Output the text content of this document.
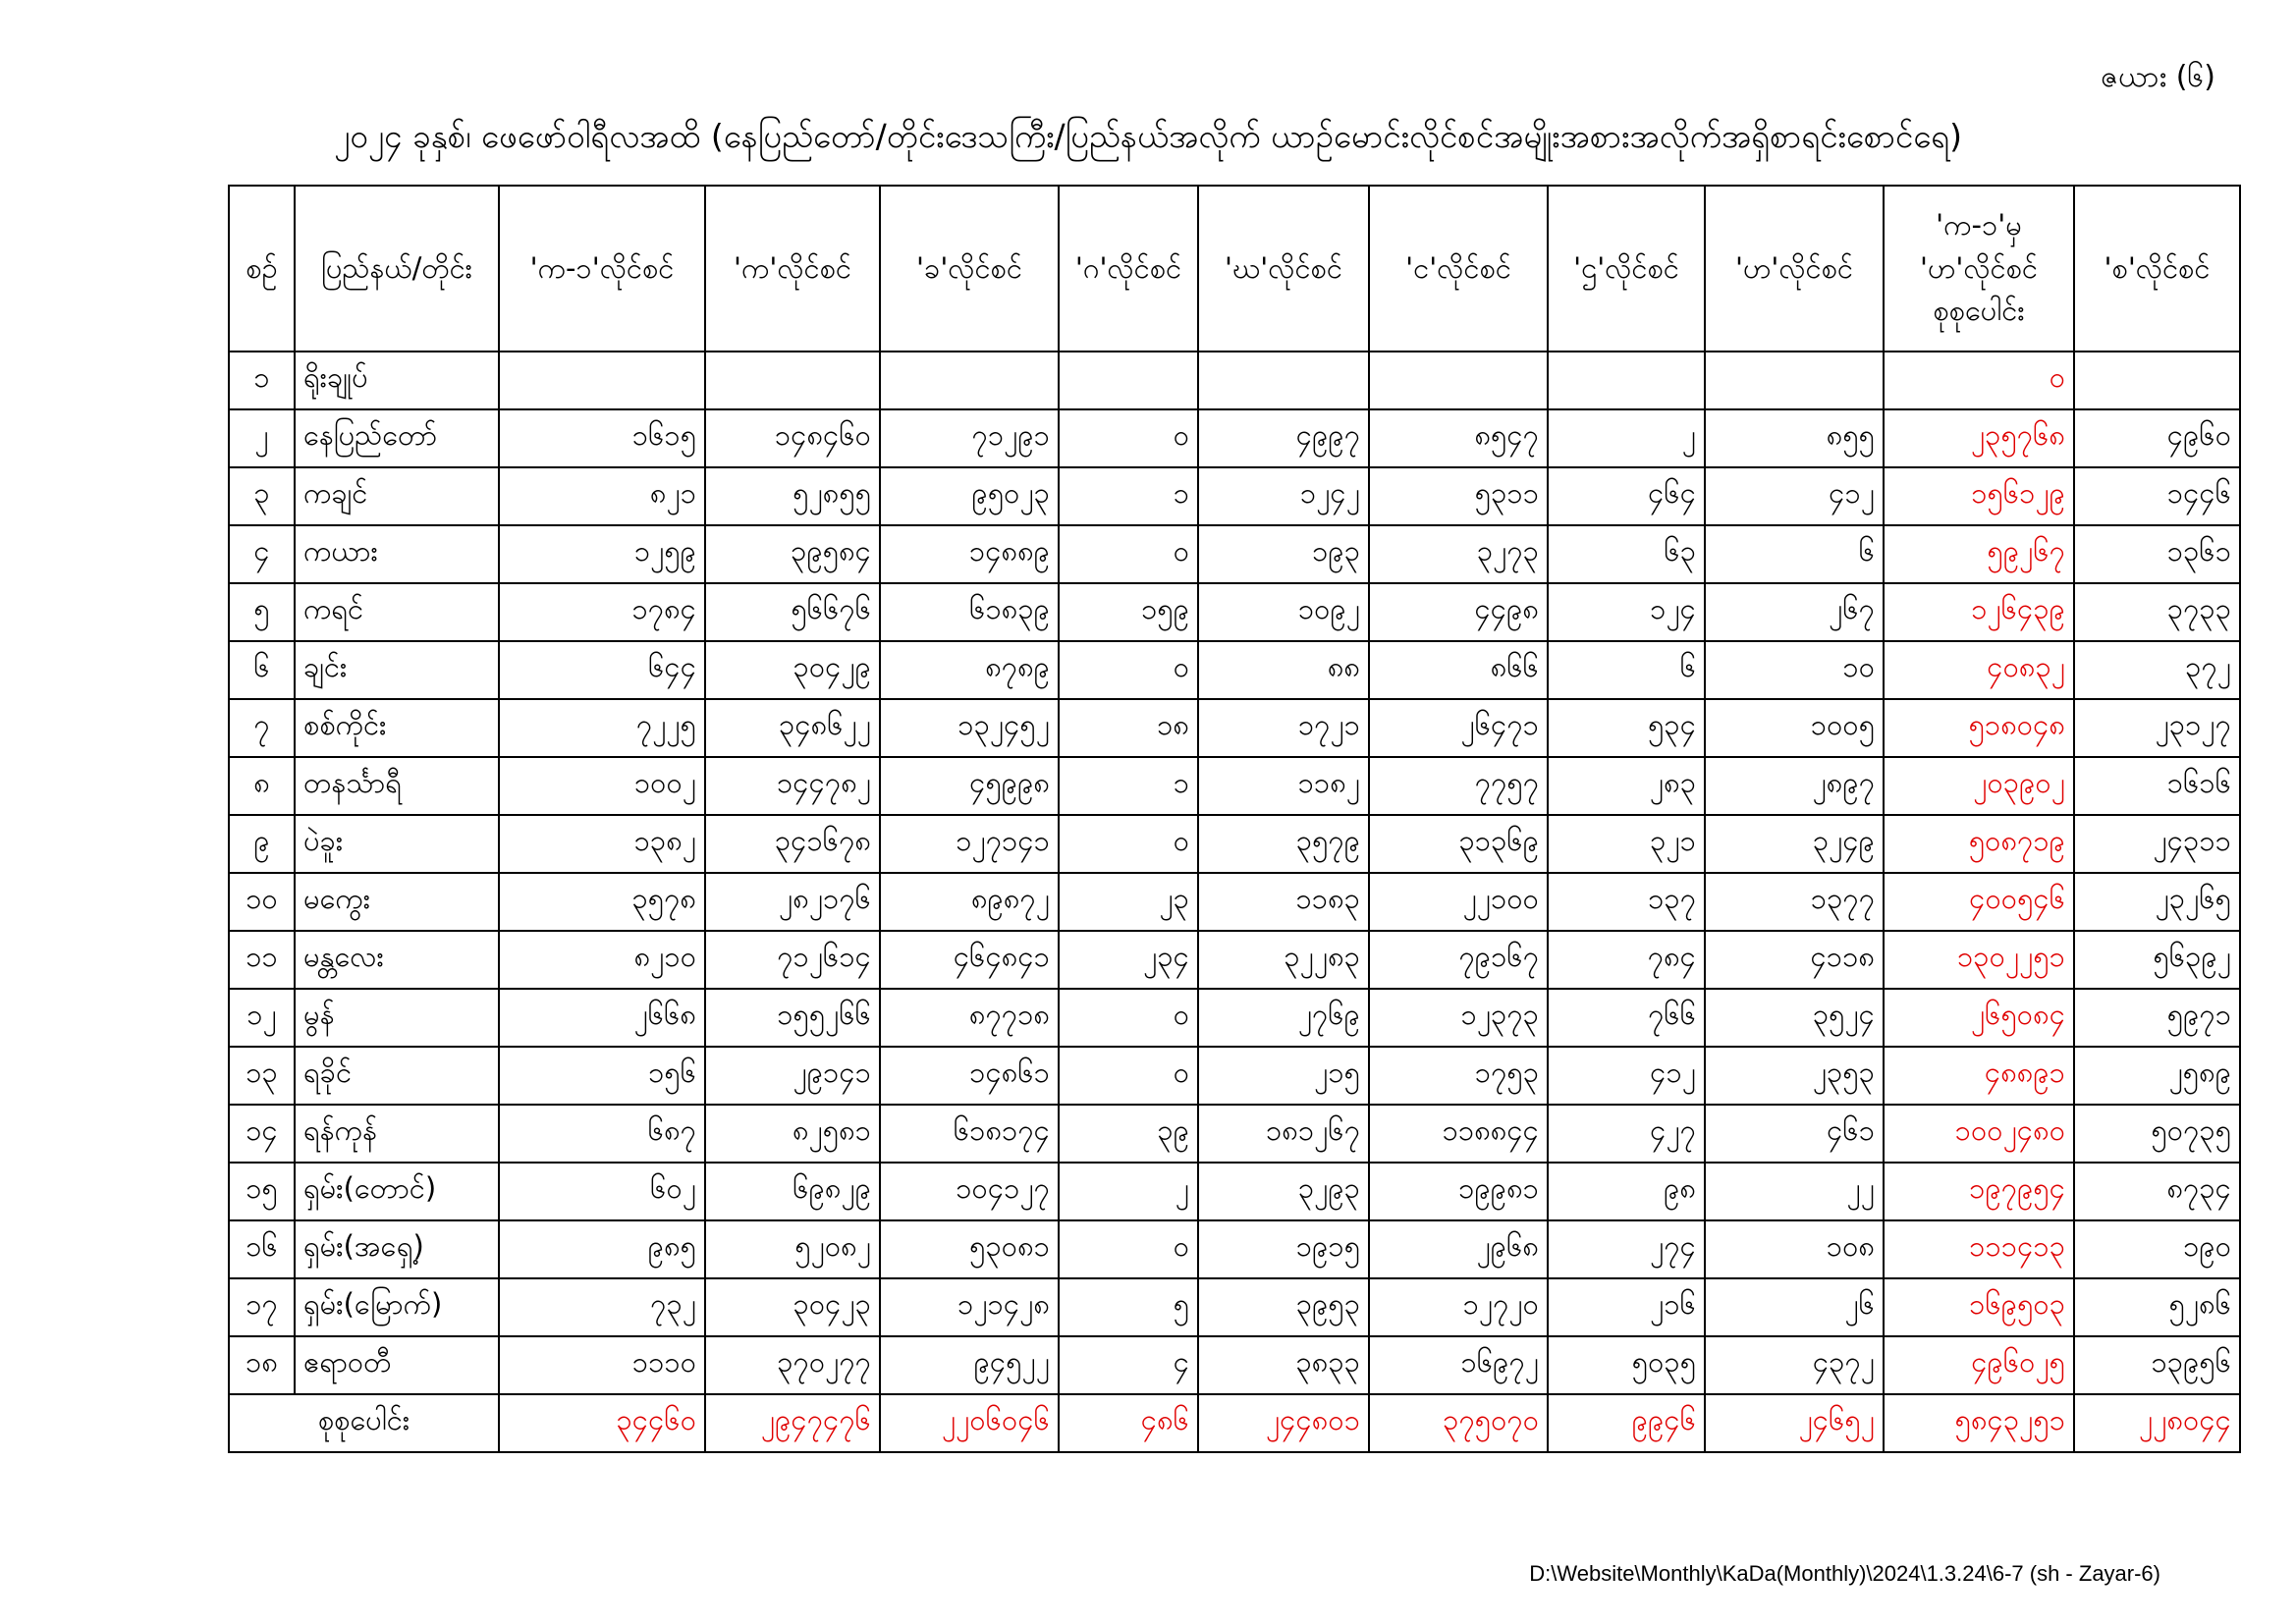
ဇယား (၆)
၂၀၂၄ ခုနှစ်၊ ဖေဖော်ဝါရီလအထိ (နေပြည်တော်/တိုင်းဒေသကြီး/ပြည်နယ်အလိုက် ယာဉ်မောင်းလိုင်စင်အမျိုးအစားအလိုက်အရှိစာရင်းစောင်ရေ)
စဉ်	ပြည်နယ်/တိုင်း	'က-၁'လိုင်စင်	'က'လိုင်စင်	'ခ'လိုင်စင်	'ဂ'လိုင်စင်	'ဃ'လိုင်စင်	'င'လိုင်စင်	'ဌ'လိုင်စင်	'ဟ'လိုင်စင်	'က-၁'မှ 'ဟ'လိုင်စင် စုစုပေါင်း	'စ'လိုင်စင်
၁	ရိုးချုပ်									၀	
၂	နေပြည်တော်	၁၆၁၅	၁၄၈၄၆၀	၇၁၂၉၁	၀	၄၉၉၇	၈၅၄၇	၂	၈၅၅	၂၃၅၇၆၈	၄၉၆၀
၃	ကချင်	၈၂၁	၅၂၈၅၅	၉၅၀၂၃	၁	၁၂၄၂	၅၃၁၁	၄၆၄	၄၁၂	၁၅၆၁၂၉	၁၄၄၆
၄	ကယား	၁၂၅၉	၃၉၅၈၄	၁၄၈၈၉	၀	၁၉၃	၃၂၇၃	၆၃	၆	၅၉၂၆၇	၁၃၆၁
၅	ကရင်	၁၇၈၄	၅၆၆၇၆	၆၁၈၃၉	၁၅၉	၁၀၉၂	၄၄၉၈	၁၂၄	၂၆၇	၁၂၆၄၃၉	၃၇၃၃
၆	ချင်း	၆၄၄	၃၀၄၂၉	၈၇၈၉	၀	၈၈	၈၆၆	၆	၁၀	၄၀၈၃၂	၃၇၂
၇	စစ်ကိုင်း	၇၂၂၅	၃၄၈၆၂၂	၁၃၂၄၅၂	၁၈	၁၇၂၁	၂၆၄၇၁	၅၃၄	၁၀၀၅	၅၁၈၀၄၈	၂၃၁၂၇
၈	တနင်္သာရီ	၁၀၀၂	၁၄၄၇၈၂	၄၅၉၉၈	၁	၁၁၈၂	၇၇၅၇	၂၈၃	၂၈၉၇	၂၀၃၉၀၂	၁၆၁၆
၉	ပဲခူး	၁၃၈၂	၃၄၁၆၇၈	၁၂၇၁၄၁	၀	၃၅၇၉	၃၁၃၆၉	၃၂၁	၃၂၄၉	၅၀၈၇၁၉	၂၄၃၁၁
၁၀	မကွေး	၃၅၇၈	၂၈၂၁၇၆	၈၉၈၇၂	၂၃	၁၁၈၃	၂၂၁၀၀	၁၃၇	၁၃၇၇	၄၀၀၅၄၆	၂၃၂၆၅
၁၁	မန္တလေး	၈၂၁၀	၇၁၂၆၁၄	၄၆၄၈၄၁	၂၃၄	၃၂၂၈၃	၇၉၁၆၇	၇၈၄	၄၁၁၈	၁၃၀၂၂၅၁	၅၆၃၉၂
၁၂	မွန်	၂၆၆၈	၁၅၅၂၆၆	၈၇၇၁၈	၀	၂၇၆၉	၁၂၃၇၃	၇၆၆	၃၅၂၄	၂၆၅၀၈၄	၅၉၇၁
၁၃	ရခိုင်	၁၅၆	၂၉၁၄၁	၁၄၈၆၁	၀	၂၁၅	၁၇၅၃	၄၁၂	၂၃၅၃	၄၈၈၉၁	၂၅၈၉
၁၄	ရန်ကုန်	၆၈၇	၈၂၅၈၁	၆၁၈၁၇၄	၃၉	၁၈၁၂၆၇	၁၁၈၈၄၄	၄၂၇	၄၆၁	၁၀၀၂၄၈၀	၅၀၇၃၅
၁၅	ရှမ်း(တောင်)	၆၀၂	၆၉၈၂၉	၁၀၄၁၂၇	၂	၃၂၉၃	၁၉၉၈၁	၉၈	၂၂	၁၉၇၉၅၄	၈၇၃၄
၁၆	ရှမ်း(အရှေ့)	၉၈၅	၅၂၀၈၂	၅၃၀၈၁	၀	၁၉၁၅	၂၉၆၈	၂၇၄	၁၀၈	၁၁၁၄၁၃	၁၉၀
၁၇	ရှမ်း(မြောက်)	၇၃၂	၃၀၄၂၃	၁၂၁၄၂၈	၅	၃၉၅၃	၁၂၇၂၀	၂၁၆	၂၆	၁၆၉၅၀၃	၅၂၈၆
၁၈	ဧရာဝတီ	၁၁၁၀	၃၇၀၂၇၇	၉၄၅၂၂	၄	၃၈၃၃	၁၆၉၇၂	၅၀၃၅	၄၃၇၂	၄၉၆၀၂၅	၁၃၉၅၆
စုစုပေါင်း		၃၄၄၆၀	၂၉၄၇၄၇၆	၂၂၀၆၀၄၆	၄၈၆	၂၄၄၈၀၁	၃၇၅၀၇၀	၉၉၄၆	၂၄၆၅၂	၅၈၄၃၂၅၁	၂၂၈၀၄၄
D:\Website\Monthly\KaDa(Monthly)\2024\1.3.24\6-7 (sh - Zayar-6)
